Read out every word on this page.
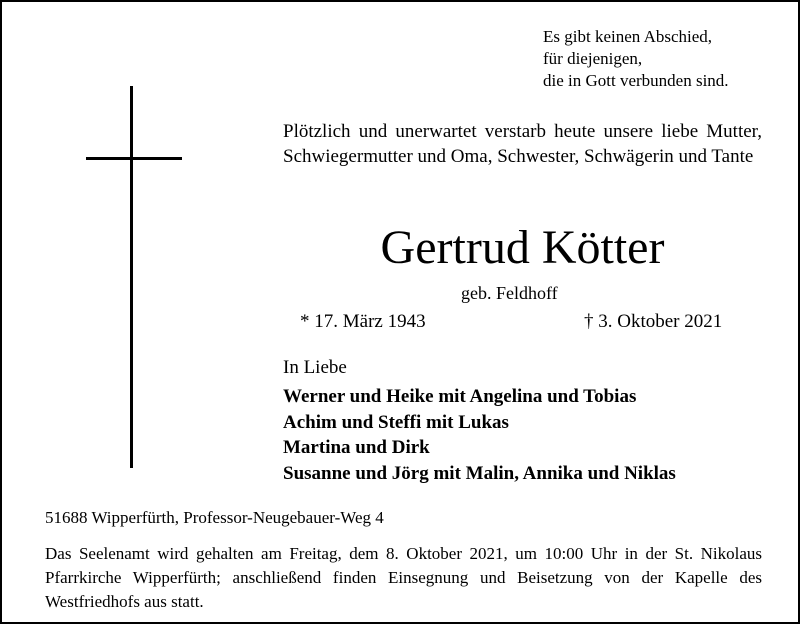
Es gibt keinen Abschied,
für diejenigen,
die in Gott verbunden sind.
Plötzlich und unerwartet verstarb heute unsere liebe Mutter, Schwiegermutter und Oma, Schwester, Schwägerin und Tante
Gertrud Kötter
geb. Feldhoff
* 17. März 1943	† 3. Oktober 2021
In Liebe
Werner und Heike mit Angelina und Tobias
Achim und Steffi mit Lukas
Martina und Dirk
Susanne und Jörg mit Malin, Annika und Niklas
51688 Wipperfürth, Professor-Neugebauer-Weg 4
Das Seelenamt wird gehalten am Freitag, dem 8. Oktober 2021, um 10:00 Uhr in der St. Nikolaus Pfarrkirche Wipperfürth; anschließend finden Einsegnung und Beisetzung von der Kapelle des Westfriedhofs aus statt.
